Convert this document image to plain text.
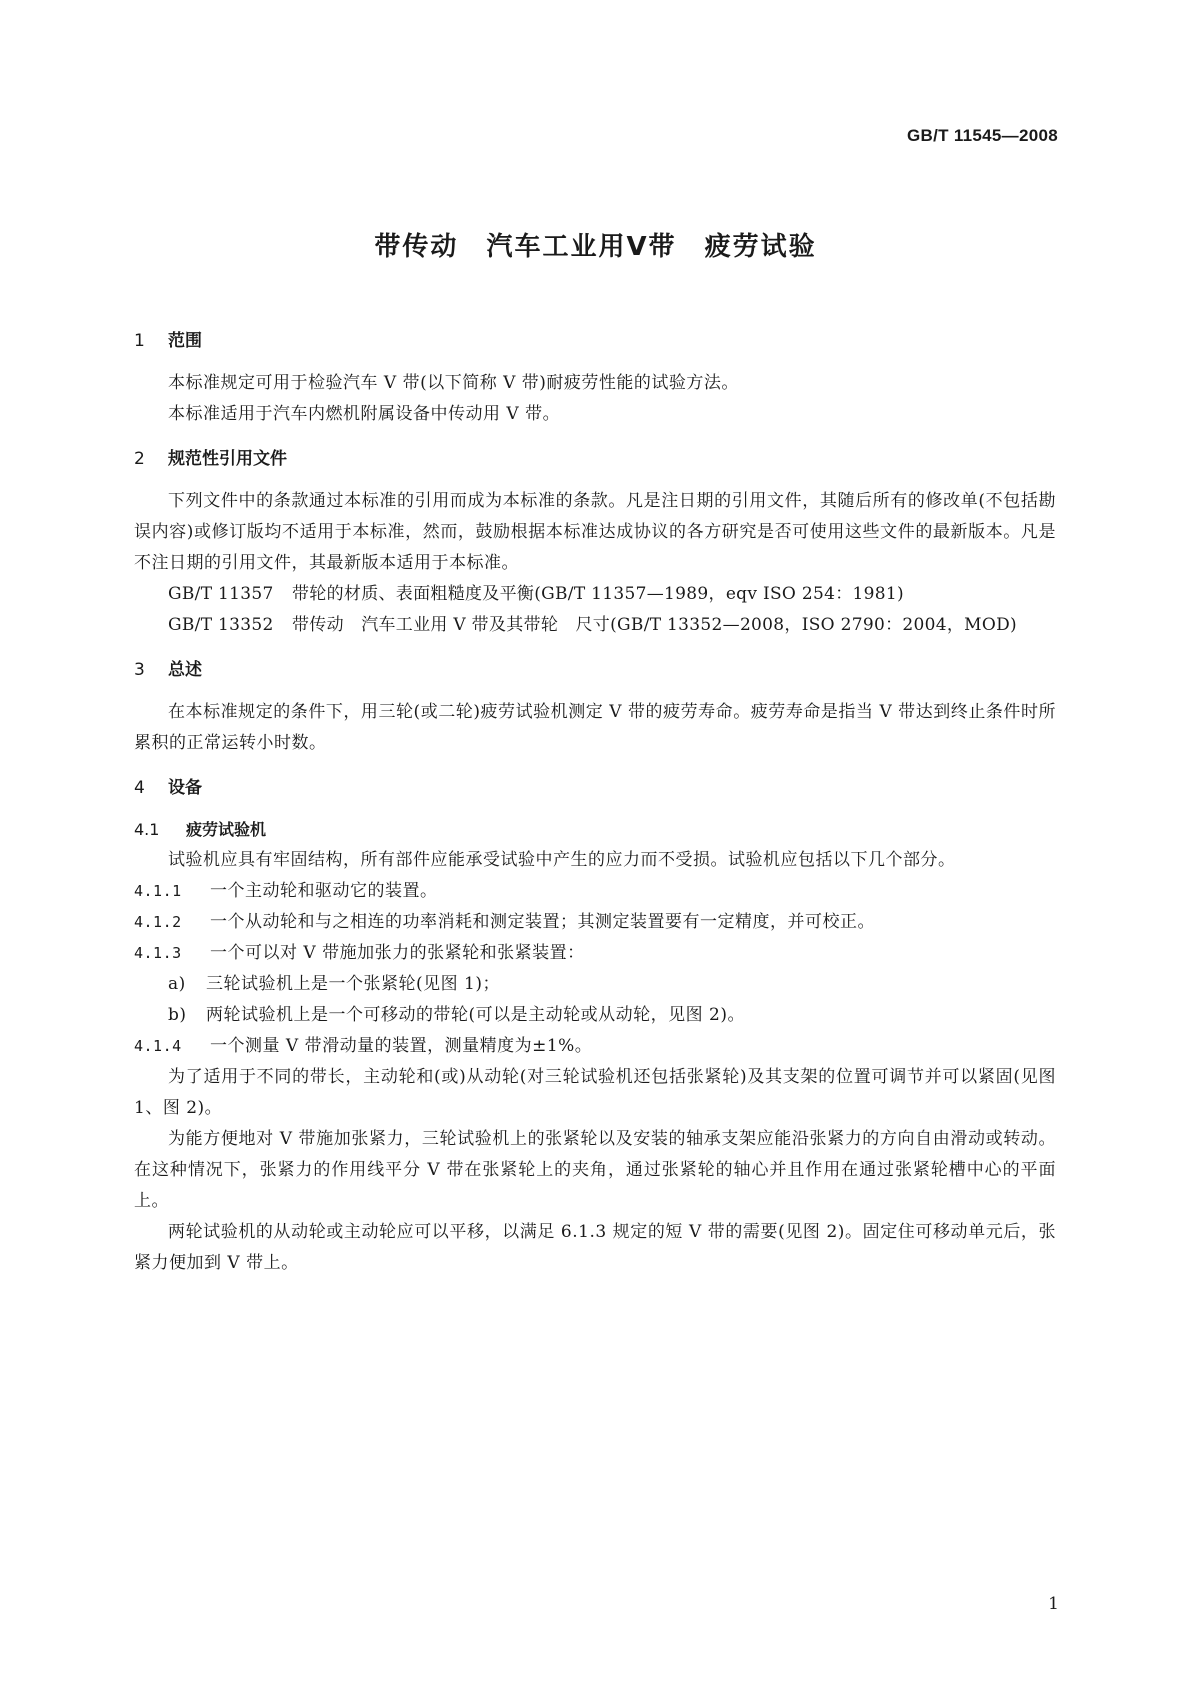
GB/T 11545—2008
带传动 汽车工业用V带 疲劳试验
1 范围

本标准规定可用于检验汽车 V 带(以下简称 V 带)耐疲劳性能的试验方法。

本标准适用于汽车内燃机附属设备中传动用 V 带。

2 规范性引用文件

下列文件中的条款通过本标准的引用而成为本标准的条款。凡是注日期的引用文件，其随后所有的修改单(不包括勘误内容)或修订版均不适用于本标准，然而，鼓励根据本标准达成协议的各方研究是否可使用这些文件的最新版本。凡是不注日期的引用文件，其最新版本适用于本标准。

GB/T 11357 带轮的材质、表面粗糙度及平衡(GB/T 11357—1989，eqv ISO 254：1981)

GB/T 13352 带传动　汽车工业用 V 带及其带轮　尺寸(GB/T 13352—2008，ISO 2790：2004，MOD)

3 总述

在本标准规定的条件下，用三轮(或二轮)疲劳试验机测定 V 带的疲劳寿命。疲劳寿命是指当 V 带达到终止条件时所累积的正常运转小时数。

4 设备
4.1 疲劳试验机

试验机应具有牢固结构，所有部件应能承受试验中产生的应力而不受损。试验机应包括以下几个部分。

4.1.1 一个主动轮和驱动它的装置。

4.1.2 一个从动轮和与之相连的功率消耗和测定装置；其测定装置要有一定精度，并可校正。

4.1.3 一个可以对 V 带施加张力的张紧轮和张紧装置：

a) 三轮试验机上是一个张紧轮(见图 1)；

b) 两轮试验机上是一个可移动的带轮(可以是主动轮或从动轮，见图 2)。

4.1.4 一个测量 V 带滑动量的装置，测量精度为±1%。

为了适用于不同的带长，主动轮和(或)从动轮(对三轮试验机还包括张紧轮)及其支架的位置可调节并可以紧固(见图 1、图 2)。

为能方便地对 V 带施加张紧力，三轮试验机上的张紧轮以及安装的轴承支架应能沿张紧力的方向自由滑动或转动。在这种情况下，张紧力的作用线平分 V 带在张紧轮上的夹角，通过张紧轮的轴心并且作用在通过张紧轮槽中心的平面上。

两轮试验机的从动轮或主动轮应可以平移，以满足 6.1.3 规定的短 V 带的需要(见图 2)。固定住可移动单元后，张紧力便加到 V 带上。

1
